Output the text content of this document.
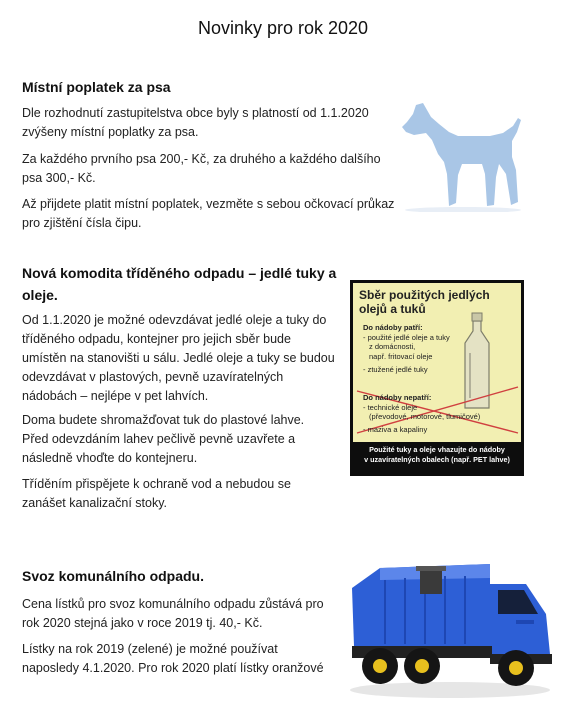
Novinky pro rok 2020
Místní poplatek za psa
Dle rozhodnutí zastupitelstva obce byly s platností od 1.1.2020
zvýšeny místní poplatky za psa.
Za každého prvního psa 200,- Kč, za druhého a každého dalšího
psa 300,- Kč.
Až přijdete platit místní poplatek, vezměte s sebou očkovací průkaz
pro zjištění čísla čipu.
Nová komodita tříděného odpadu – jedlé tuky a
oleje.
Od 1.1.2020 je možné odevzdávat jedlé oleje a tuky do
tříděného odpadu, kontejner pro jejich sběr bude
umístěn na stanovišti u sálu. Jedlé oleje a tuky se budou
odevzdávat v plastových, pevně uzavíratelných
nádobách – nejlépe v pet lahvích.
Doma budete shromažďovat tuk do plastové lahve.
Před odevzdáním lahev pečlivě pevně uzavřete a
následně vhoďte do kontejneru.
Tříděním přispějete k ochraně vod a nebudou se
zanášet kanalizační stoky.
Sběr použitých jedlých
olejů a tuků
Do nádoby patří:
- použité jedlé oleje a tuky
z domácnosti,
např. fritovací oleje
- ztužené jedlé tuky
Do nádoby nepatří:
- technické oleje
(převodové, motorové, tlumičové)
- maziva a kapaliny
Použité tuky a oleje vhazujte do nádoby
v uzavíratelných obalech (např. PET lahve)
Svoz komunálního odpadu.
Cena lístků pro svoz komunálního odpadu zůstává pro
rok 2020 stejná jako v roce 2019 tj. 40,- Kč.
Lístky na rok 2019 (zelené) je možné používat
naposledy 4.1.2020. Pro rok 2020 platí lístky oranžové
